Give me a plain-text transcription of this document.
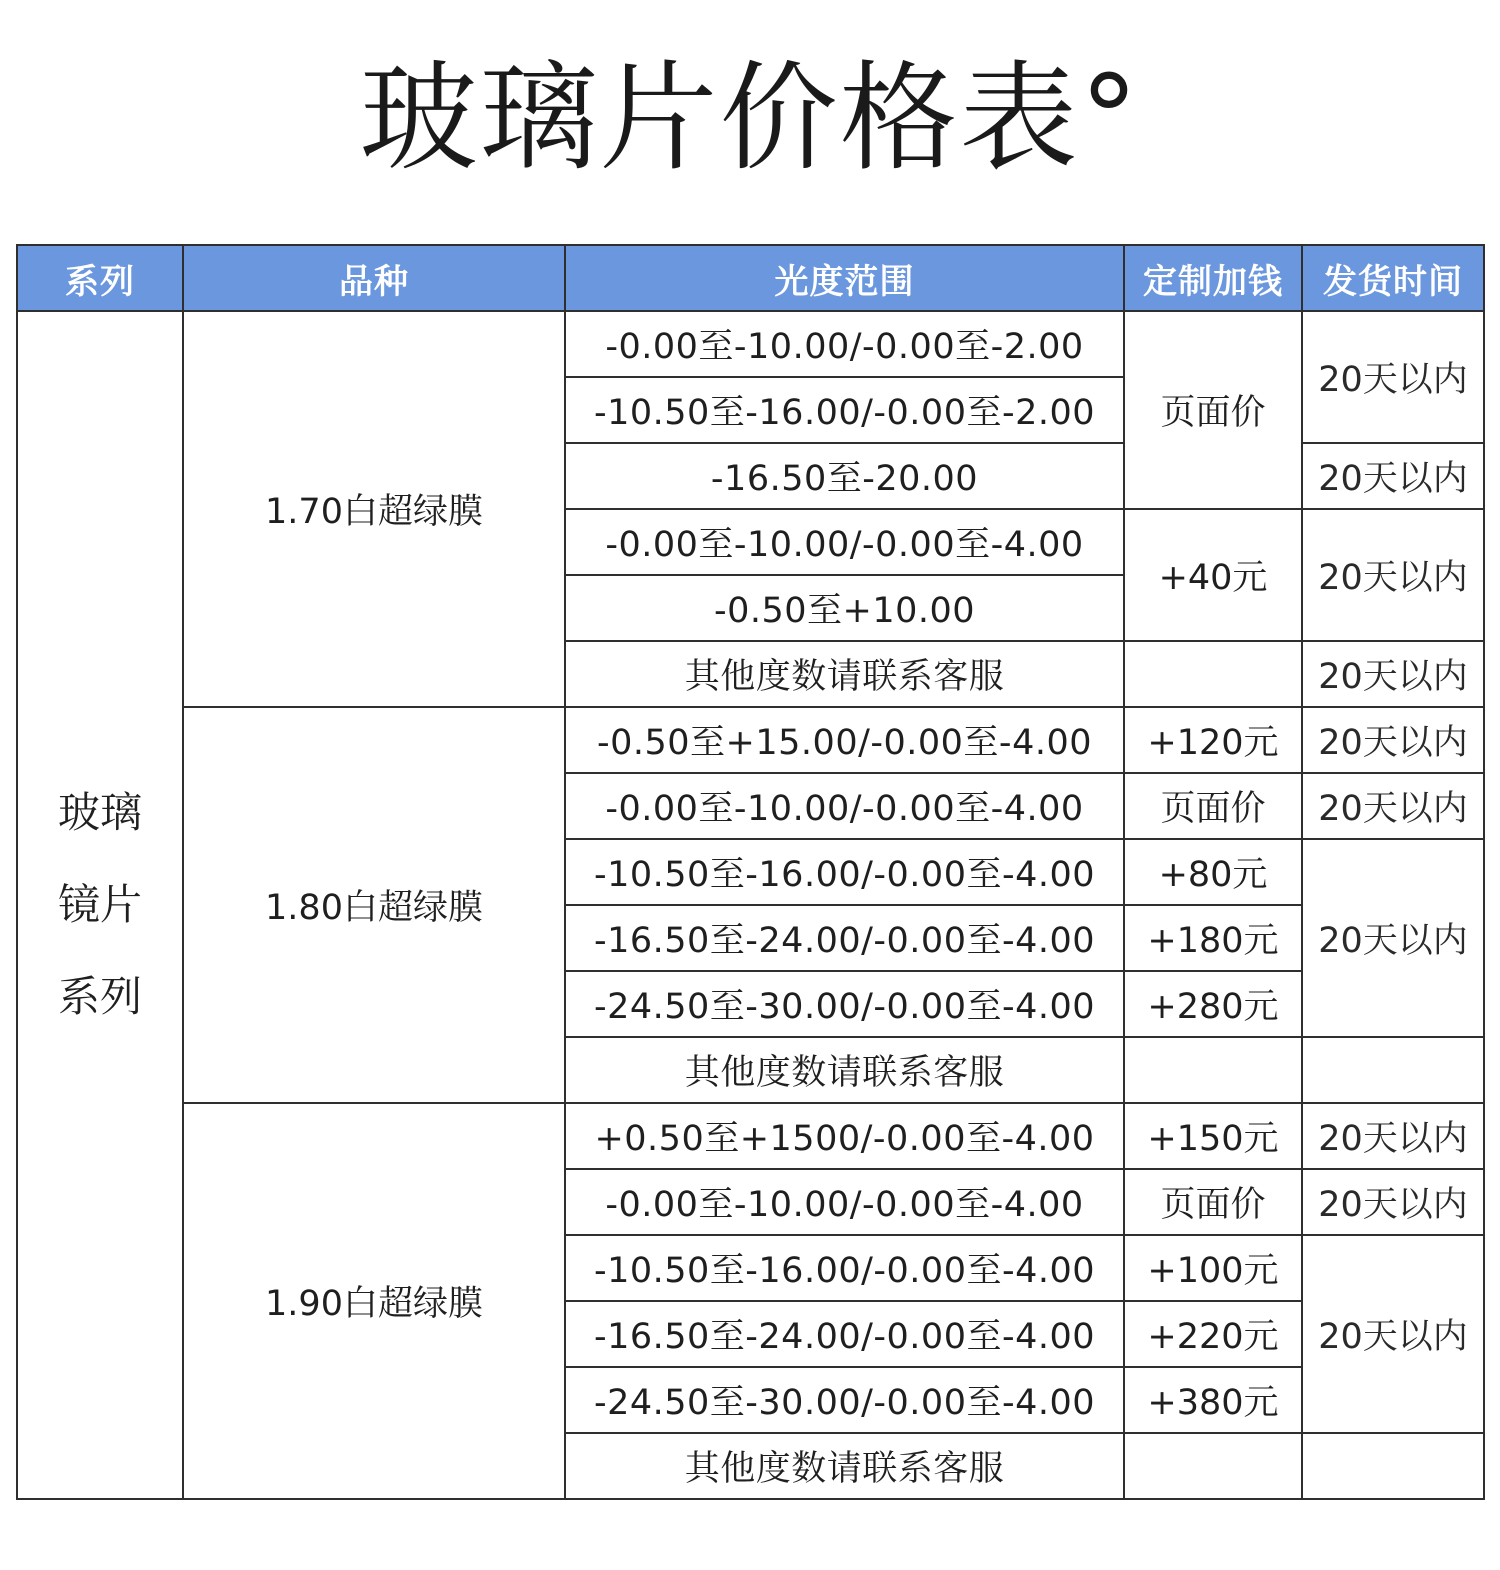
玻璃片价格表°
系列	品种	光度范围	定制加钱	发货时间

玻璃
镜片
系列	1.70白超绿膜	-0.00至-10.00/-0.00至-2.00	页面价	20天以内
		-10.50至-16.00/-0.00至-2.00		
		-16.50至-20.00		20天以内
		-0.00至-10.00/-0.00至-4.00	+40元	20天以内
		-0.50至+10.00		
		其他度数请联系客服		20天以内
	1.80白超绿膜	-0.50至+15.00/-0.00至-4.00	+120元	20天以内
		-0.00至-10.00/-0.00至-4.00	页面价	20天以内
		-10.50至-16.00/-0.00至-4.00	+80元	20天以内
		-16.50至-24.00/-0.00至-4.00	+180元	
		-24.50至-30.00/-0.00至-4.00	+280元	
		其他度数请联系客服		
	1.90白超绿膜	+0.50至+1500/-0.00至-4.00	+150元	20天以内
		-0.00至-10.00/-0.00至-4.00	页面价	20天以内
		-10.50至-16.00/-0.00至-4.00	+100元	20天以内
		-16.50至-24.00/-0.00至-4.00	+220元	
		-24.50至-30.00/-0.00至-4.00	+380元	
		其他度数请联系客服		
